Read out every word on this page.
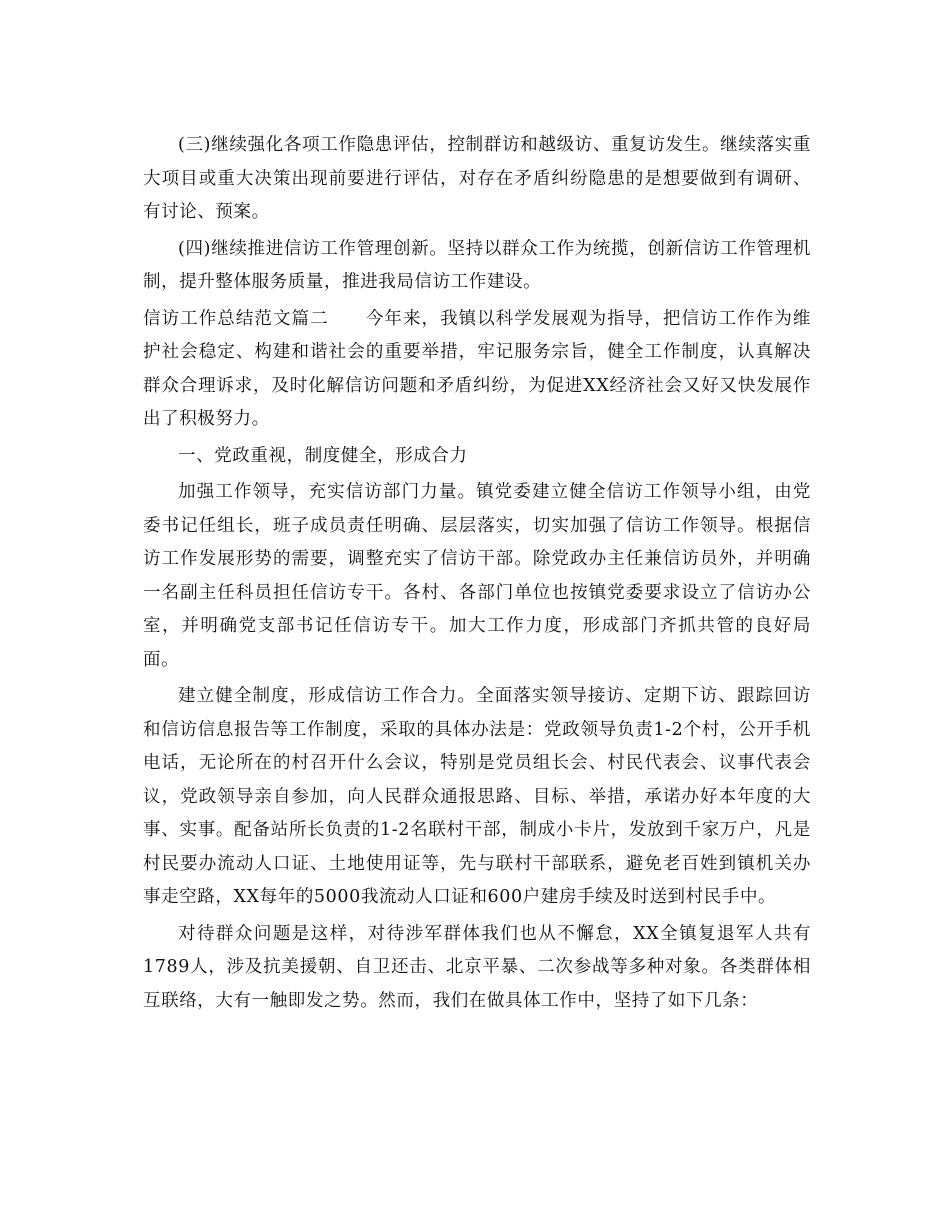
(三)继续强化各项工作隐患评估，控制群访和越级访、重复访发生。继续落实重大项目或重大决策出现前要进行评估，对存在矛盾纠纷隐患的是想要做到有调研、有讨论、预案。

(四)继续推进信访工作管理创新。坚持以群众工作为统揽，创新信访工作管理机制，提升整体服务质量，推进我局信访工作建设。

信访工作总结范文篇二　　今年来，我镇以科学发展观为指导，把信访工作作为维护社会稳定、构建和谐社会的重要举措，牢记服务宗旨，健全工作制度，认真解决群众合理诉求，及时化解信访问题和矛盾纠纷，为促进XX经济社会又好又快发展作出了积极努力。

一、党政重视，制度健全，形成合力

加强工作领导，充实信访部门力量。镇党委建立健全信访工作领导小组，由党委书记任组长，班子成员责任明确、层层落实，切实加强了信访工作领导。根据信访工作发展形势的需要，调整充实了信访干部。除党政办主任兼信访员外，并明确一名副主任科员担任信访专干。各村、各部门单位也按镇党委要求设立了信访办公室，并明确党支部书记任信访专干。加大工作力度，形成部门齐抓共管的良好局面。

建立健全制度，形成信访工作合力。全面落实领导接访、定期下访、跟踪回访和信访信息报告等工作制度，采取的具体办法是：党政领导负责1-2个村，公开手机电话，无论所在的村召开什么会议，特别是党员组长会、村民代表会、议事代表会议，党政领导亲自参加，向人民群众通报思路、目标、举措，承诺办好本年度的大事、实事。配备站所长负责的1-2名联村干部，制成小卡片，发放到千家万户，凡是村民要办流动人口证、土地使用证等，先与联村干部联系，避免老百姓到镇机关办事走空路，XX每年的5000我流动人口证和600户建房手续及时送到村民手中。

对待群众问题是这样，对待涉军群体我们也从不懈怠，XX全镇复退军人共有1789人，涉及抗美援朝、自卫还击、北京平暴、二次参战等多种对象。各类群体相互联络，大有一触即发之势。然而，我们在做具体工作中，坚持了如下几条：
